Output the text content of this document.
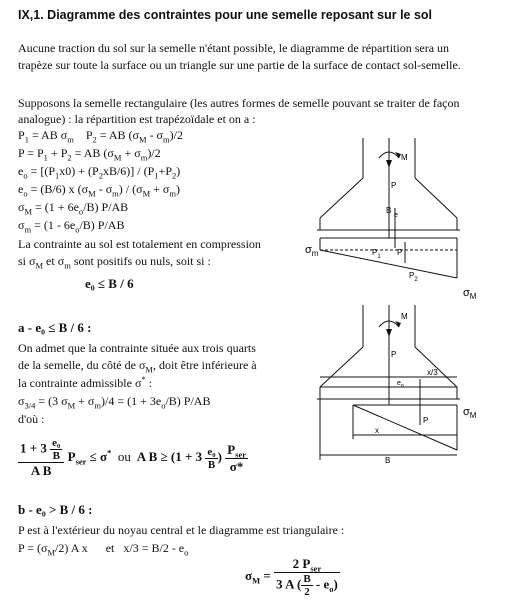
IX,1. Diagramme des contraintes pour une semelle reposant sur le sol
Aucune traction du sol sur la semelle n'étant possible, le diagramme de répartition sera un
trapèze sur toute la surface ou un triangle sur une partie de la surface de contact sol-semelle.
Supposons la semelle rectangulaire (les autres formes de semelle pouvant se traiter de façon
analogue) : la répartition est trapézoïdale et on a :
$P_1$ = AB $\sigma_m$ $P_2$ = AB $(\sigma_M - \sigma_m)/2$
$P = P_1 + P_2$ = AB $(\sigma_M + \sigma_m)/2$
$e_o = [(P_1x0) + (P_2xB/6)] / (P_1+P_2)$
$e_o = (B/6)$ x $(\sigma_M - \sigma_m) / (\sigma_M + \sigma_m)$
$\sigma_M = (1 + 6e_o/B)$ P/AB
$\sigma_m = (1 - 6e_o/B)$ P/AB
La contrainte au sol est totalement en compression
si $\sigma_M$ et $\sigma_m$ sont positifs ou nuls, soit si :
e₀ ≤ B / 6
a - e₀ ≤ B / 6 :
On admet que la contrainte située aux trois quarts
de la semelle, du côté de $\sigma_M$, doit être inférieure à
la contrainte admissible σ* :
$\sigma_{3/4} = (3$ $\sigma_M + \sigma_m)/4 = (1 + 3e_o/B)$ P/AB
d'où :
$\frac{1 + 3 \frac{\text{e₀}}{B}}{\text{A B}} P_{ser} \le \sigma^*$ ou A $B \ge (1 + 3 \frac{\text{e₀}}{B}$ ) $\frac{P_{ser}}{\sigma*}$
b - e₀ > B / 6 :
P est à l'extérieur du noyau central et le diagramme est triangulaire :
$P = (\sigma_M/2)$ A x et $x/3 = B/2 - e_o$
$\sigma_M = \frac{2 P_{ser}}{3 A ( \frac{B}{2} - e_o)}$
M
P
B
e
$P_1$ P
$P_2$
$\sigma_m$
$\sigma_M$
M
P
$e_o$
x/3
P
x
B
$\sigma_M$
